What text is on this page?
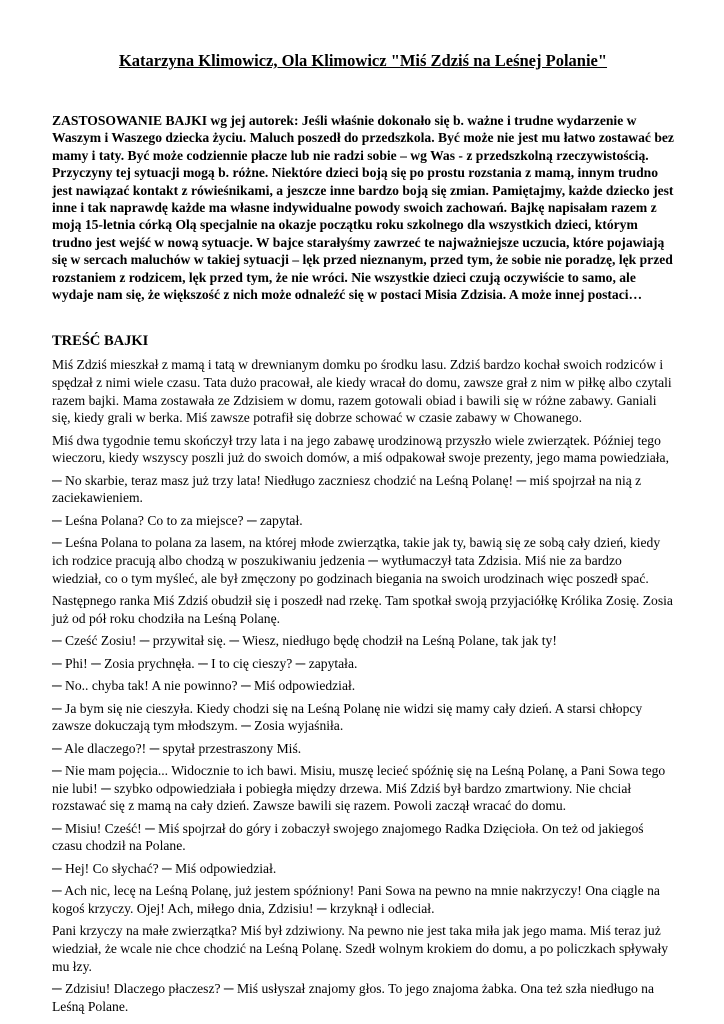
Katarzyna Klimowicz, Ola Klimowicz "Miś Zdziś na Leśnej Polanie"

ZASTOSOWANIE BAJKI wg jej autorek: Jeśli właśnie dokonało się b. ważne i trudne wydarzenie w Waszym i Waszego dziecka życiu. Maluch poszedł do przedszkola. Być może nie jest mu łatwo zostawać bez mamy i taty. Być może codziennie płacze lub nie radzi sobie – wg Was - z przedszkolną rzeczywistością. Przyczyny tej sytuacji mogą b. różne. Niektóre dzieci boją się po prostu rozstania z mamą, innym trudno jest nawiązać kontakt z rówieśnikami, a jeszcze inne bardzo boją się zmian. Pamiętajmy, każde dziecko jest inne i tak naprawdę każde ma własne indywidualne powody swoich zachowań. Bajkę napisałam razem z moją 15-letnia córką Olą specjalnie na okazje początku roku szkolnego dla wszystkich dzieci, którym trudno jest wejść w nową sytuacje. W bajce starałyśmy zawrzeć te najważniejsze uczucia, które pojawiają się w sercach maluchów w takiej sytuacji – lęk przed nieznanym, przed tym, że sobie nie poradzę, lęk przed rozstaniem z rodzicem, lęk przed tym, że nie wróci. Nie wszystkie dzieci czują oczywiście to samo, ale wydaje nam się, że większość z nich może odnaleźć się w postaci Misia Zdzisia. A może innej postaci…

TREŚĆ BAJKI

Miś Zdziś mieszkał z mamą i tatą w drewnianym domku po środku lasu. Zdziś bardzo kochał swoich rodziców i spędzał z nimi wiele czasu. Tata dużo pracował, ale kiedy wracał do domu, zawsze grał z nim w piłkę albo czytali razem bajki. Mama zostawała ze Zdzisiem w domu, razem gotowali obiad i bawili się w różne zabawy. Ganiali się, kiedy grali w berka. Miś zawsze potrafił się dobrze schować w czasie zabawy w Chowanego.

Miś dwa tygodnie temu skończył trzy lata i na jego zabawę urodzinową przyszło wiele zwierzątek. Później tego wieczoru, kiedy wszyscy poszli już do swoich domów, a miś odpakował swoje prezenty, jego mama powiedziała,

─ No skarbie, teraz masz już trzy lata! Niedługo zaczniesz chodzić na Leśną Polanę! ─ miś spojrzał na nią z zaciekawieniem.

─ Leśna Polana? Co to za miejsce? ─ zapytał.

─ Leśna Polana to polana za lasem, na której młode zwierzątka, takie jak ty, bawią się ze sobą cały dzień, kiedy ich rodzice pracują albo chodzą w poszukiwaniu jedzenia ─ wytłumaczył tata Zdzisia. Miś nie za bardzo wiedział, co o tym myśleć, ale był zmęczony po godzinach biegania na swoich urodzinach więc poszedł spać.

Następnego ranka Miś Zdziś obudził się i poszedł nad rzekę. Tam spotkał swoją przyjaciółkę Królika Zosię. Zosia już od pół roku chodziła na Leśną Polanę.

─ Cześć Zosiu! ─ przywitał się. ─ Wiesz, niedługo będę chodził na Leśną Polane, tak jak ty!

─ Phi! ─ Zosia prychnęła. ─ I to cię cieszy? ─ zapytała.

─ No.. chyba tak! A nie powinno? ─ Miś odpowiedział.

─ Ja bym się nie cieszyła. Kiedy chodzi się na Leśną Polanę nie widzi się mamy cały dzień. A starsi chłopcy zawsze dokuczają tym młodszym. ─ Zosia wyjaśniła.

─ Ale dlaczego?! ─ spytał przestraszony Miś.

─ Nie mam pojęcia... Widocznie to ich bawi. Misiu, muszę lecieć spóźnię się na Leśną Polanę, a Pani Sowa tego nie lubi! ─ szybko odpowiedziała i pobiegła między drzewa. Miś Zdziś był bardzo zmartwiony. Nie chciał rozstawać się z mamą na cały dzień. Zawsze bawili się razem. Powoli zaczął wracać do domu.

─ Misiu! Cześć! ─ Miś spojrzał do góry i zobaczył swojego znajomego Radka Dzięcioła. On też od jakiegoś czasu chodził na Polane.

─ Hej! Co słychać? ─ Miś odpowiedział.

─ Ach nic, lecę na Leśną Polanę, już jestem spóźniony! Pani Sowa na pewno na mnie nakrzyczy! Ona ciągle na kogoś krzyczy. Ojej! Ach, miłego dnia, Zdzisiu! ─ krzyknął i odleciał.

Pani krzyczy na małe zwierzątka? Miś był zdziwiony. Na pewno nie jest taka miła jak jego mama. Miś teraz już wiedział, że wcale nie chce chodzić na Leśną Polanę. Szedł wolnym krokiem do domu, a po policzkach spływały mu łzy.

─ Zdzisiu! Dlaczego płaczesz? ─ Miś usłyszał znajomy głos. To jego znajoma żabka. Ona też szła niedługo na Leśną Polane.
